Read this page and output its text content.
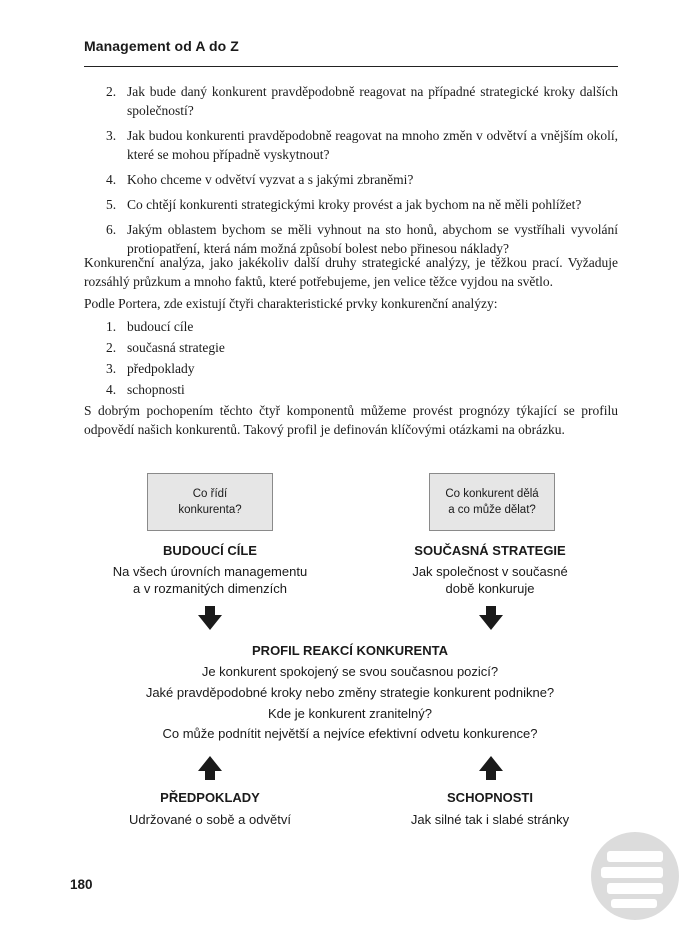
Management od A do Z
2. Jak bude daný konkurent pravděpodobně reagovat na případné strategické kroky dalších společností?
3. Jak budou konkurenti pravděpodobně reagovat na mnoho změn v odvětví a vnějším okolí, které se mohou případně vyskytnout?
4. Koho chceme v odvětví vyzvat a s jakými zbraněmi?
5. Co chtějí konkurenti strategickými kroky provést a jak bychom na ně měli pohlížet?
6. Jakým oblastem bychom se měli vyhnout na sto honů, abychom se vystříhali vyvolání protiopatření, která nám možná způsobí bolest nebo přinesou náklady?

Konkurenční analýza, jako jakékoliv další druhy strategické analýzy, je těžkou prací. Vyžaduje rozsáhlý průzkum a mnoho faktů, které potřebujeme, jen velice těžce vyjdou na světlo.

Podle Portera, zde existují čtyři charakteristické prvky konkurenční analýzy:

1. budoucí cíle
2. současná strategie
3. předpoklady
4. schopnosti

S dobrým pochopením těchto čtyř komponentů můžeme provést prognózy týkající se profilu odpovědí našich konkurentů. Takový profil je definován klíčovými otázkami na obrázku.

Co řídí
konkurenta?
Co konkurent dělá
a co může dělat?
BUDOUCÍ CÍLE
Na všech úrovních managementu
a v rozmanitých dimenzích
SOUČASNÁ STRATEGIE
Jak společnost v současné
době konkuruje
PROFIL REAKCÍ KONKURENTA
Je konkurent spokojený se svou současnou pozicí?
Jaké pravděpodobné kroky nebo změny strategie konkurent podnikne?
Kde je konkurent zranitelný?
Co může podnítit největší a nejvíce efektivní odvetu konkurence?
PŘEDPOKLADY
Udržované o sobě a odvětví
SCHOPNOSTI
Jak silné tak i slabé stránky
180
